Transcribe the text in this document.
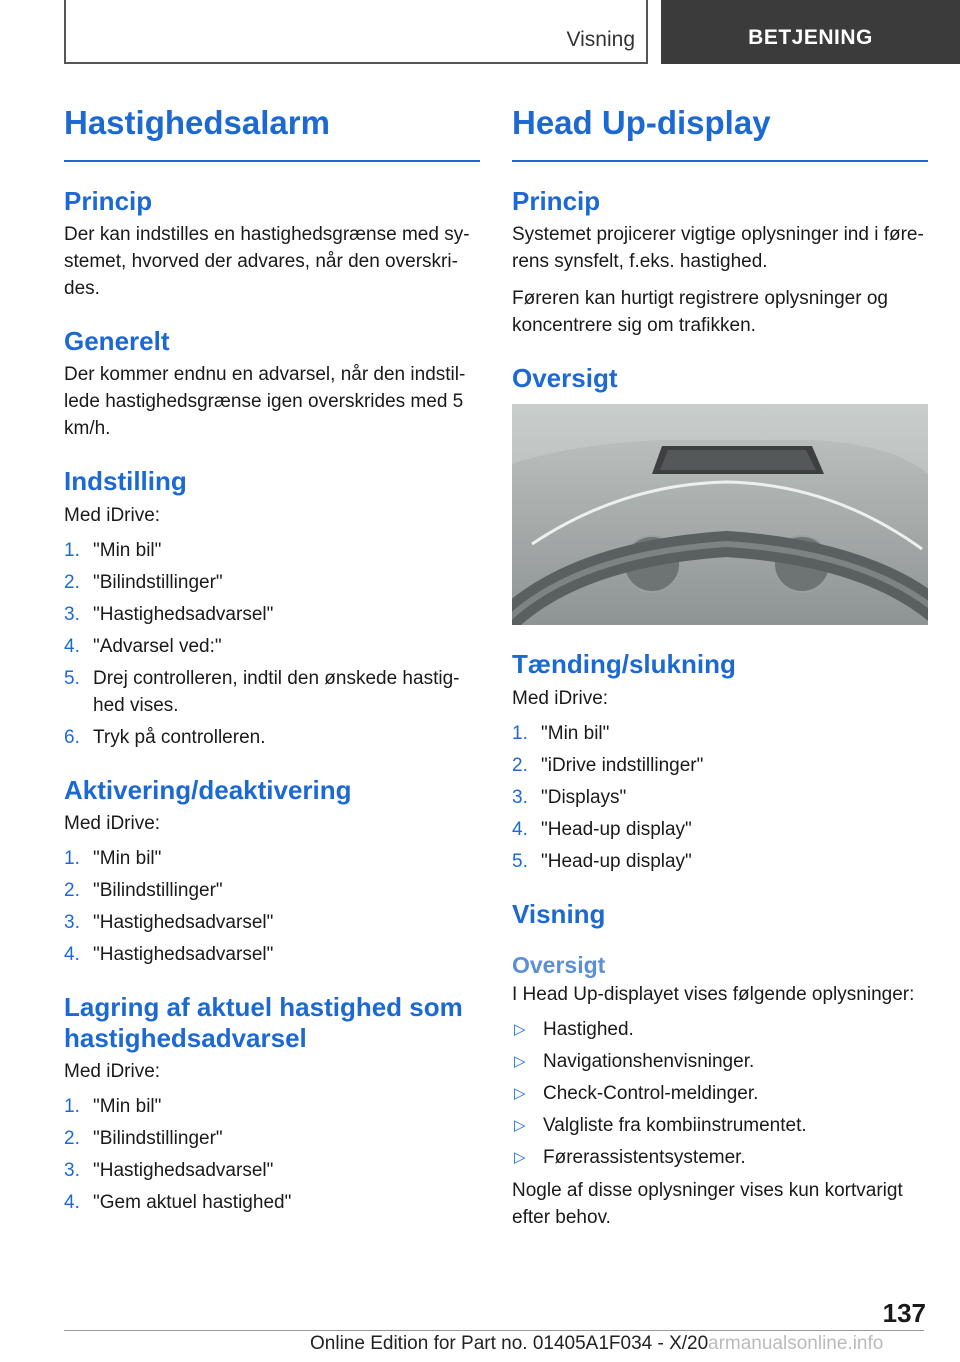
Visning	BETJENING
Hastighedsalarm
Princip

Der kan indstilles en hastighedsgrænse med sy-stemet, hvorved der advares, når den overskri-des.

Generelt

Der kommer endnu en advarsel, når den indstil-lede hastighedsgrænse igen overskrides med 5 km/h.

Indstilling

Med iDrive:

1. "Min bil"
2. "Bilindstillinger"
3. "Hastighedsadvarsel"
4. "Advarsel ved:"
5. Drej controlleren, indtil den ønskede hastig-hed vises.
6. Tryk på controlleren.
Aktivering/deaktivering

Med iDrive:

1. "Min bil"
2. "Bilindstillinger"
3. "Hastighedsadvarsel"
4. "Hastighedsadvarsel"
Lagring af aktuel hastighed som hastighedsadvarsel

Med iDrive:

1. "Min bil"
2. "Bilindstillinger"
3. "Hastighedsadvarsel"
4. "Gem aktuel hastighed"
Head Up-display
Princip

Systemet projicerer vigtige oplysninger ind i føre-rens synsfelt, f.eks. hastighed.

Føreren kan hurtigt registrere oplysninger og koncentrere sig om trafikken.

Oversigt
Tænding/slukning

Med iDrive:

1. "Min bil"
2. "iDrive indstillinger"
3. "Displays"
4. "Head-up display"
5. "Head-up display"
Visning
Oversigt

I Head Up-displayet vises følgende oplysninger:

▷ Hastighed.
▷ Navigationshenvisninger.
▷ Check-Control-meldinger.
▷ Valgliste fra kombiinstrumentet.
▷ Førerassistentsystemer.

Nogle af disse oplysninger vises kun kortvarigt efter behov.

137
Online Edition for Part no. 01405A1F034 - X/20 armanualsonline.info
